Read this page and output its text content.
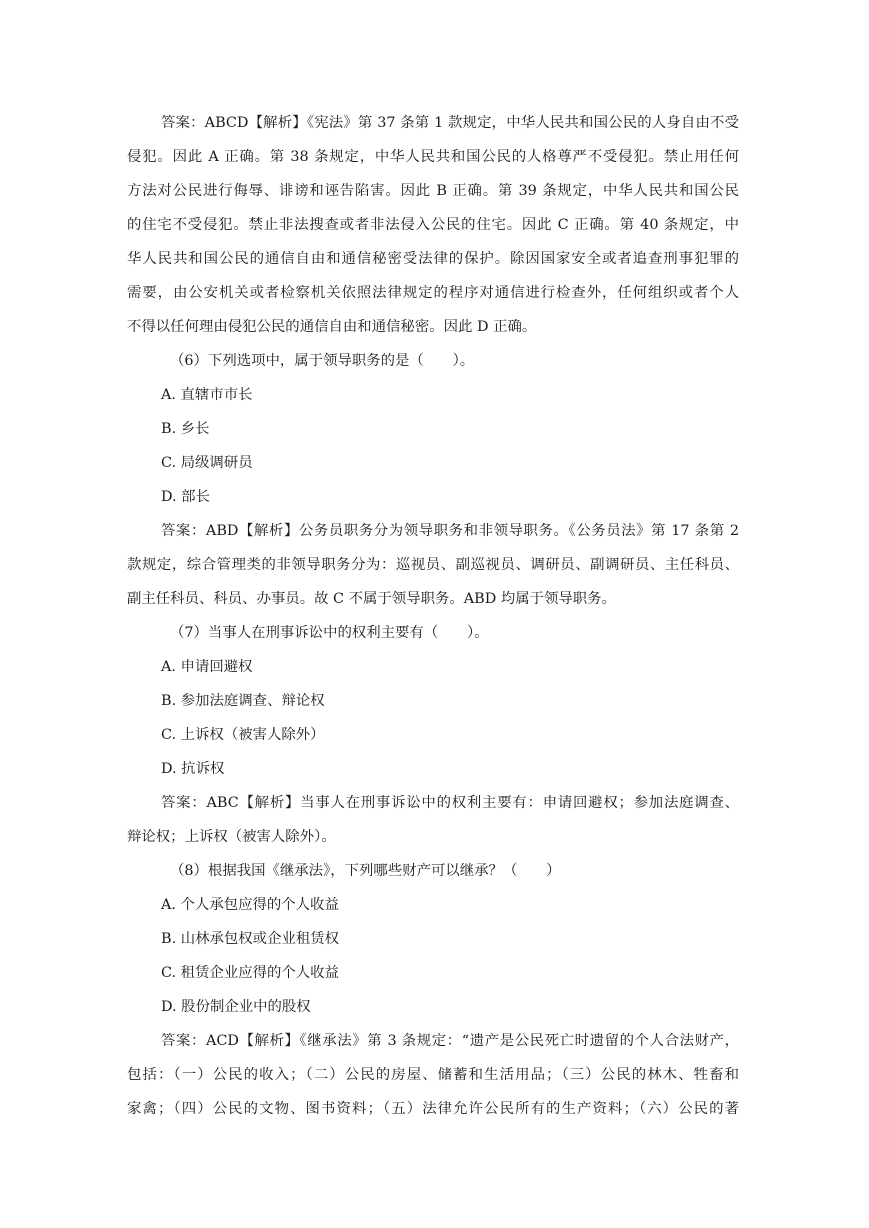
答案：ABCD【解析】《宪法》第 37 条第 1 款规定，中华人民共和国公民的人身自由不受

侵犯。因此 A 正确。第 38 条规定，中华人民共和国公民的人格尊严不受侵犯。禁止用任何

方法对公民进行侮辱、诽谤和诬告陷害。因此 B 正确。第 39 条规定，中华人民共和国公民

的住宅不受侵犯。禁止非法搜查或者非法侵入公民的住宅。因此 C 正确。第 40 条规定，中

华人民共和国公民的通信自由和通信秘密受法律的保护。除因国家安全或者追查刑事犯罪的

需要，由公安机关或者检察机关依照法律规定的程序对通信进行检查外，任何组织或者个人

不得以任何理由侵犯公民的通信自由和通信秘密。因此 D 正确。

（6）下列选项中，属于领导职务的是（　　）。

A. 直辖市市长

B. 乡长

C. 局级调研员

D. 部长

答案：ABD【解析】公务员职务分为领导职务和非领导职务。《公务员法》第 17 条第 2

款规定，综合管理类的非领导职务分为：巡视员、副巡视员、调研员、副调研员、主任科员、

副主任科员、科员、办事员。故 C 不属于领导职务。ABD 均属于领导职务。

（7）当事人在刑事诉讼中的权利主要有（　　）。

A. 申请回避权

B. 参加法庭调查、辩论权

C. 上诉权（被害人除外）

D. 抗诉权

答案：ABC【解析】当事人在刑事诉讼中的权利主要有：申请回避权；参加法庭调查、

辩论权；上诉权（被害人除外）。

（8）根据我国《继承法》，下列哪些财产可以继承？（　　）

A. 个人承包应得的个人收益

B. 山林承包权或企业租赁权

C. 租赁企业应得的个人收益

D. 股份制企业中的股权

答案：ACD【解析】《继承法》第 3 条规定：“遗产是公民死亡时遗留的个人合法财产，

包括：（一）公民的收入；（二）公民的房屋、储蓄和生活用品；（三）公民的林木、牲畜和

家禽；（四）公民的文物、图书资料；（五）法律允许公民所有的生产资料；（六）公民的著
